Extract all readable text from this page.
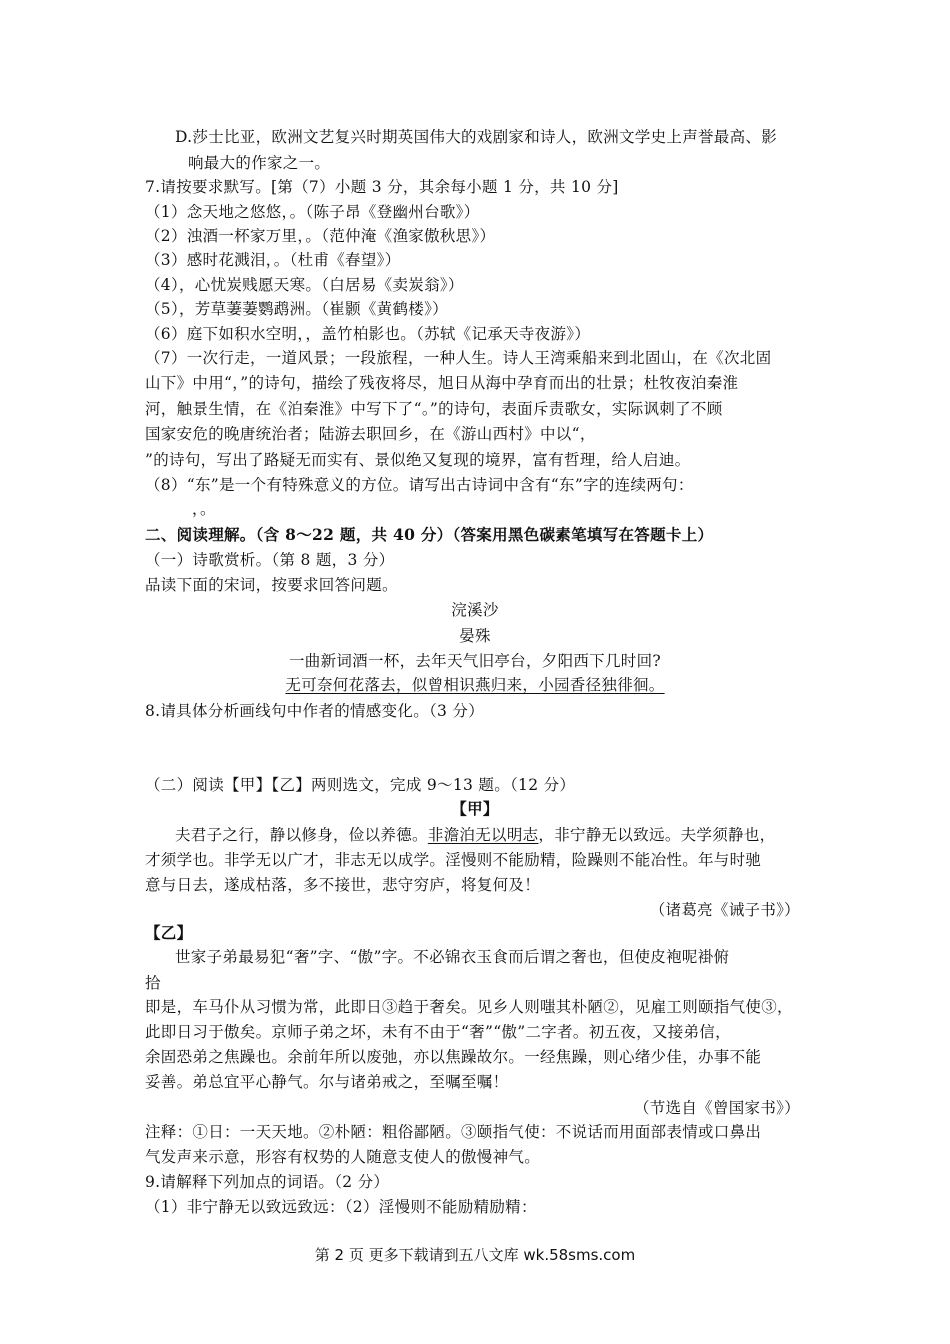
D.莎士比亚，欧洲文艺复兴时期英国伟大的戏剧家和诗人，欧洲文学史上声誉最高、影
响最大的作家之一。
7.请按要求默写。[第（7）小题 3 分，其余每小题 1 分，共 10 分]
（1）念天地之悠悠，。（陈子昂《登幽州台歌》）
（2）浊酒一杯家万里，。（范仲淹《渔家傲秋思》）
（3）感时花溅泪，。（杜甫《春望》）
（4），心忧炭贱愿天寒。（白居易《卖炭翁》）
（5），芳草萋萋鹦鹉洲。（崔颢《黄鹤楼》）
（6）庭下如积水空明，，盖竹柏影也。（苏轼《记承天寺夜游》）
（7）一次行走，一道风景；一段旅程，一种人生。诗人王湾乘船来到北固山，在《次北固
山下》中用“，”的诗句，描绘了残夜将尽，旭日从海中孕育而出的壮景；杜牧夜泊秦淮
河，触景生情，在《泊秦淮》中写下了“。”的诗句，表面斥责歌女，实际讽刺了不顾
国家安危的晚唐统治者；陆游去职回乡，在《游山西村》中以“，
”的诗句，写出了路疑无而实有、景似绝又复现的境界，富有哲理，给人启迪。
（8）“东”是一个有特殊意义的方位。请写出古诗词中含有“东”字的连续两句：
，。
二、阅读理解。（含 8～22 题，共 40 分）（答案用黑色碳素笔填写在答题卡上）
（一）诗歌赏析。（第 8 题，3 分）
品读下面的宋词，按要求回答问题。
浣溪沙
晏殊
一曲新词酒一杯，去年天气旧亭台，夕阳西下几时回?
无可奈何花落去，似曾相识燕归来，小园香径独徘徊。
8.请具体分析画线句中作者的情感变化。（3 分）
（二）阅读【甲】【乙】两则选文，完成 9～13 题。（12 分）
【甲】
夫君子之行，静以修身，俭以养德。非澹泊无以明志，非宁静无以致远。夫学须静也，
才须学也。非学无以广才，非志无以成学。淫慢则不能励精，险躁则不能冶性。年与时驰
意与日去，遂成枯落，多不接世，悲守穷庐，将复何及！
（诸葛亮《诫子书》）
【乙】
世家子弟最易犯“奢”字、“傲”字。不必锦衣玉食而后谓之奢也，但使皮袍呢褂俯
拾
即是，车马仆从习惯为常，此即日③趋于奢矣。见乡人则嗤其朴陋②，见雇工则颐指气使③，
此即日习于傲矣。京师子弟之坏，未有不由于“奢”“傲”二字者。初五夜，又接弟信，
余固恐弟之焦躁也。余前年所以废弛，亦以焦躁故尔。一经焦躁，则心绪少佳，办事不能
妥善。弟总宜平心静气。尔与诸弟戒之，至嘱至嘱！
（节选自《曾国家书》）
注释：①日：一天天地。②朴陋：粗俗鄙陋。③颐指气使：不说话而用面部表情或口鼻出
气发声来示意，形容有权势的人随意支使人的傲慢神气。
9.请解释下列加点的词语。（2 分）
（1）非宁静无以致远致远：（2）淫慢则不能励精励精：
第 2 页 更多下载请到五八文库 wk.58sms.com
